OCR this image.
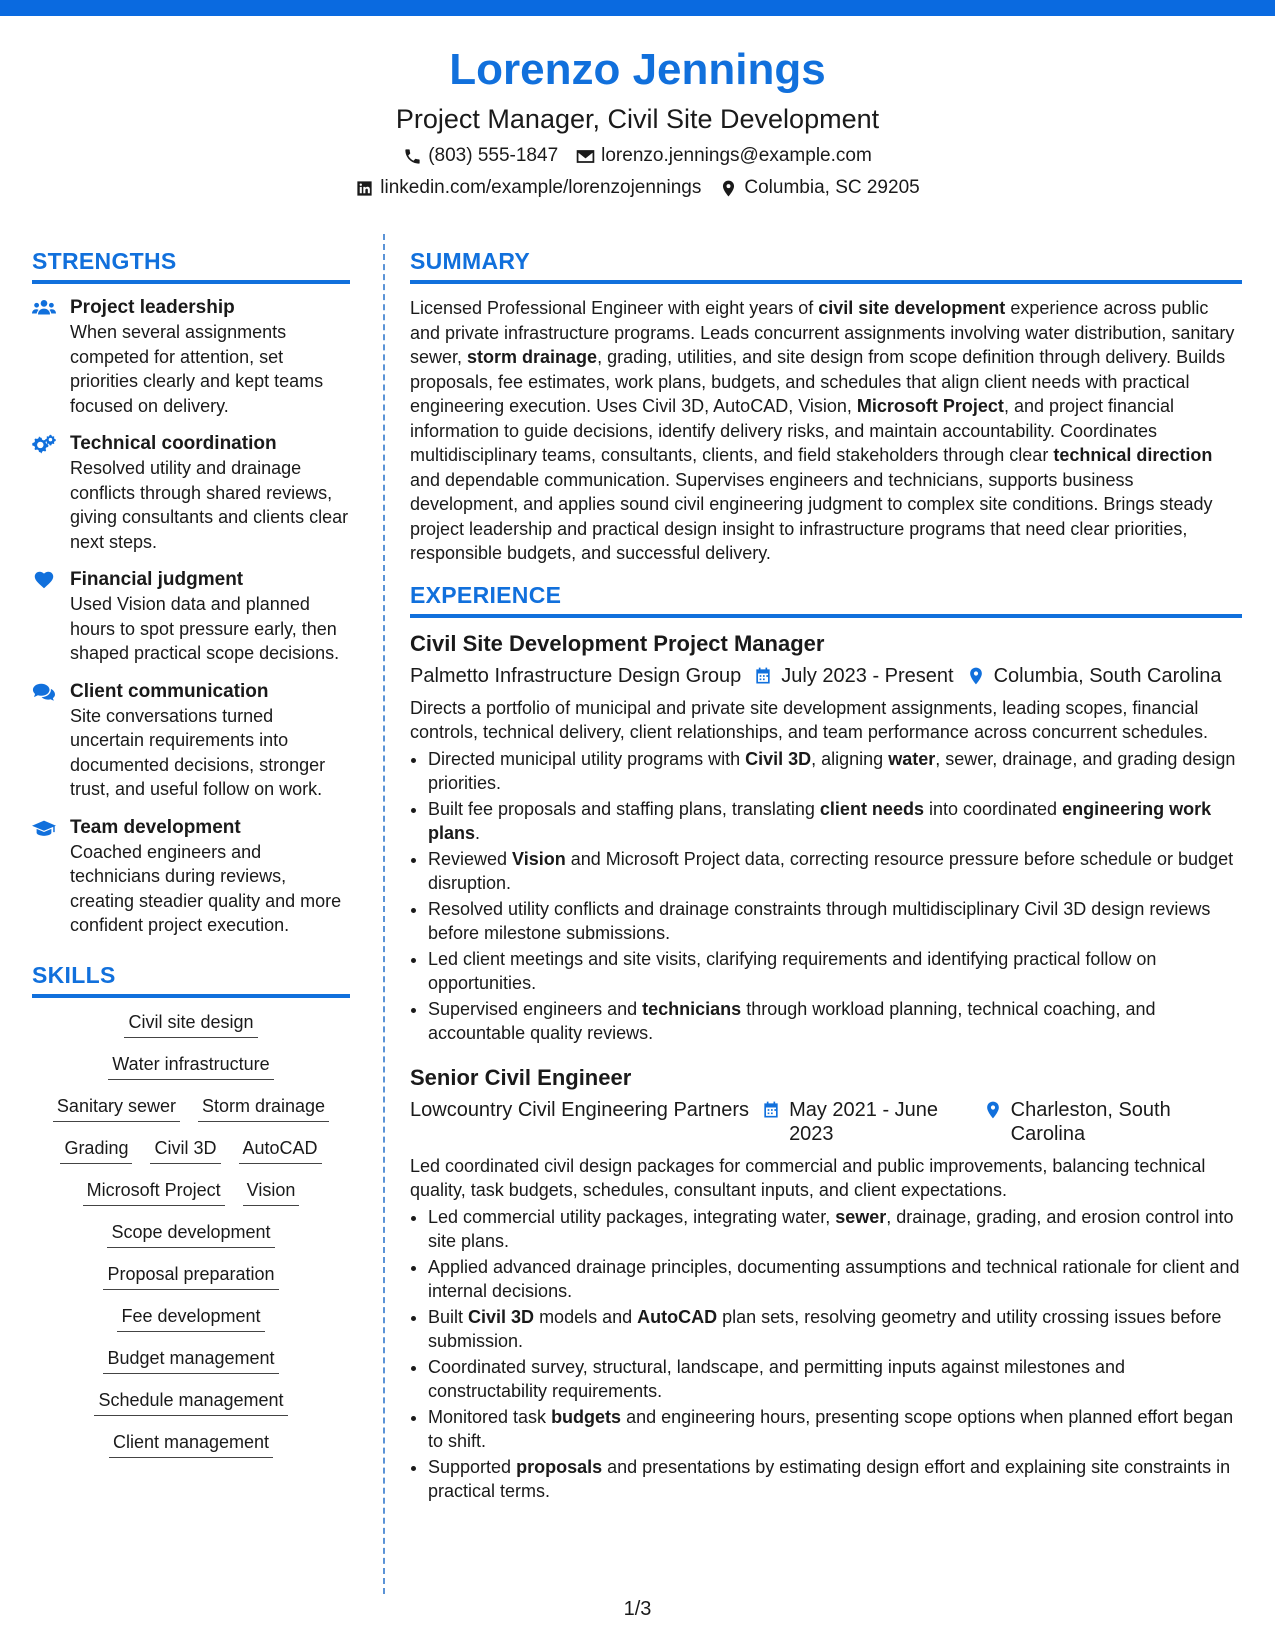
Lorenzo Jennings
Project Manager, Civil Site Development
(803) 555-1847 lorenzo.jennings@example.com
linkedin.com/example/lorenzojennings Columbia, SC 29205
STRENGTHS
Project leadership
When several assignments competed for attention, set priorities clearly and kept teams focused on delivery.
Technical coordination
Resolved utility and drainage conflicts through shared reviews, giving consultants and clients clear next steps.
Financial judgment
Used Vision data and planned hours to spot pressure early, then shaped practical scope decisions.
Client communication
Site conversations turned uncertain requirements into documented decisions, stronger trust, and useful follow on work.
Team development
Coached engineers and technicians during reviews, creating steadier quality and more confident project execution.
SKILLS
Civil site design
Water infrastructure
Sanitary sewer Storm drainage
Grading Civil 3D AutoCAD
Microsoft Project Vision
Scope development
Proposal preparation
Fee development
Budget management
Schedule management
Client management
SUMMARY

Licensed Professional Engineer with eight years of civil site development experience across public and private infrastructure programs. Leads concurrent assignments involving water distribution, sanitary sewer, storm drainage, grading, utilities, and site design from scope definition through delivery. Builds proposals, fee estimates, work plans, budgets, and schedules that align client needs with practical engineering execution. Uses Civil 3D, AutoCAD, Vision, Microsoft Project, and project financial information to guide decisions, identify delivery risks, and maintain accountability. Coordinates multidisciplinary teams, consultants, clients, and field stakeholders through clear technical direction and dependable communication. Supervises engineers and technicians, supports business development, and applies sound civil engineering judgment to complex site conditions. Brings steady project leadership and practical design insight to infrastructure programs that need clear priorities, responsible budgets, and successful delivery.

EXPERIENCE
Civil Site Development Project Manager
Palmetto Infrastructure Design Group July 2023 - Present Columbia, South Carolina
Directs a portfolio of municipal and private site development assignments, leading scopes, financial controls, technical delivery, client relationships, and team performance across concurrent schedules.
• Directed municipal utility programs with Civil 3D, aligning water, sewer, drainage, and grading design priorities.
• Built fee proposals and staffing plans, translating client needs into coordinated engineering work plans.
• Reviewed Vision and Microsoft Project data, correcting resource pressure before schedule or budget disruption.
• Resolved utility conflicts and drainage constraints through multidisciplinary Civil 3D design reviews before milestone submissions.
• Led client meetings and site visits, clarifying requirements and identifying practical follow on opportunities.
• Supervised engineers and technicians through workload planning, technical coaching, and accountable quality reviews.
Senior Civil Engineer
Lowcountry Civil Engineering Partners May 2021 - June 2023
Charleston, South Carolina
Led coordinated civil design packages for commercial and public improvements, balancing technical quality, task budgets, schedules, consultant inputs, and client expectations.
• Led commercial utility packages, integrating water, sewer, drainage, grading, and erosion control into site plans.
• Applied advanced drainage principles, documenting assumptions and technical rationale for client and internal decisions.
• Built Civil 3D models and AutoCAD plan sets, resolving geometry and utility crossing issues before submission.
• Coordinated survey, structural, landscape, and permitting inputs against milestones and constructability requirements.
• Monitored task budgets and engineering hours, presenting scope options when planned effort began to shift.
• Supported proposals and presentations by estimating design effort and explaining site constraints in practical terms.
1/3
